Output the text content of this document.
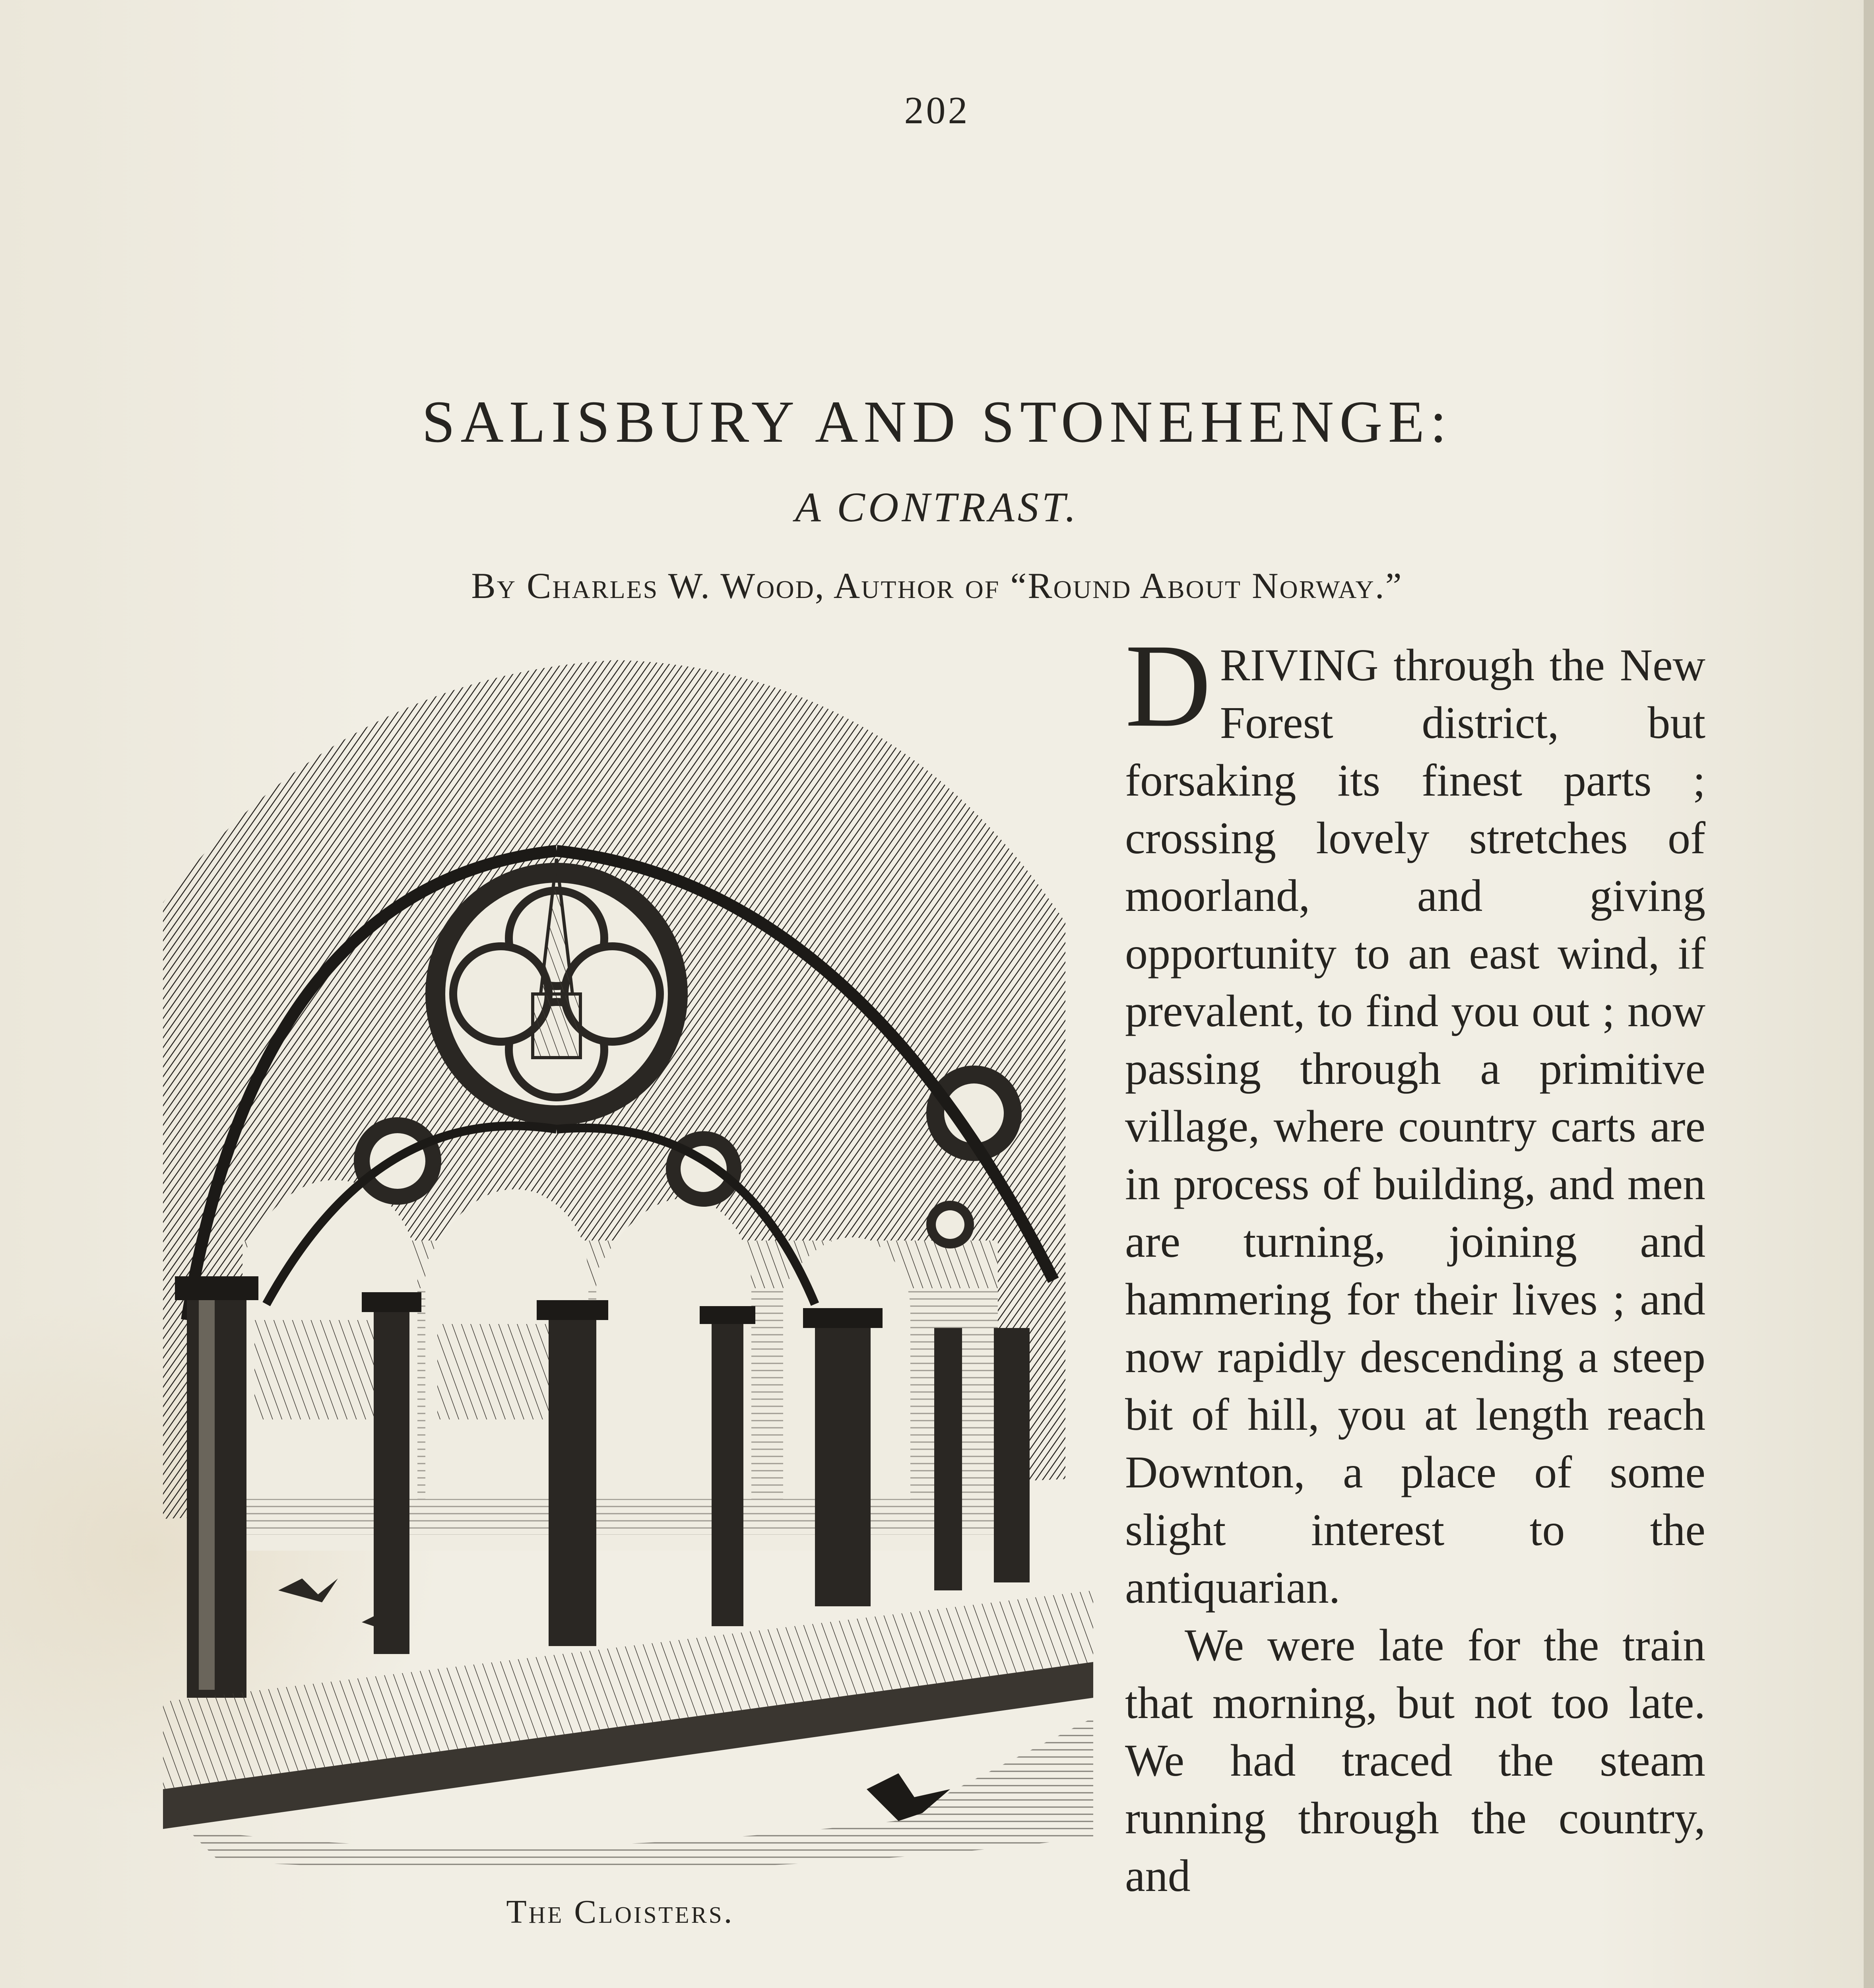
202
SALISBURY AND STONEHENGE:
A CONTRAST.
By Charles W. Wood, Author of “Round About Norway.”
The Cloisters.

DRIVING through the New Forest district, but forsaking its finest parts ; crossing lovely stretches of moorland, and giving opportunity to an east wind, if prevalent, to find you out ; now passing through a primitive village, where country carts are in process of building, and men are turning, joining and hammering for their lives ; and now rapidly descending a steep bit of hill, you at length reach Downton, a place of some slight interest to the antiquarian.

We were late for the train that morning, but not too late. We had traced the steam running through the country, and
